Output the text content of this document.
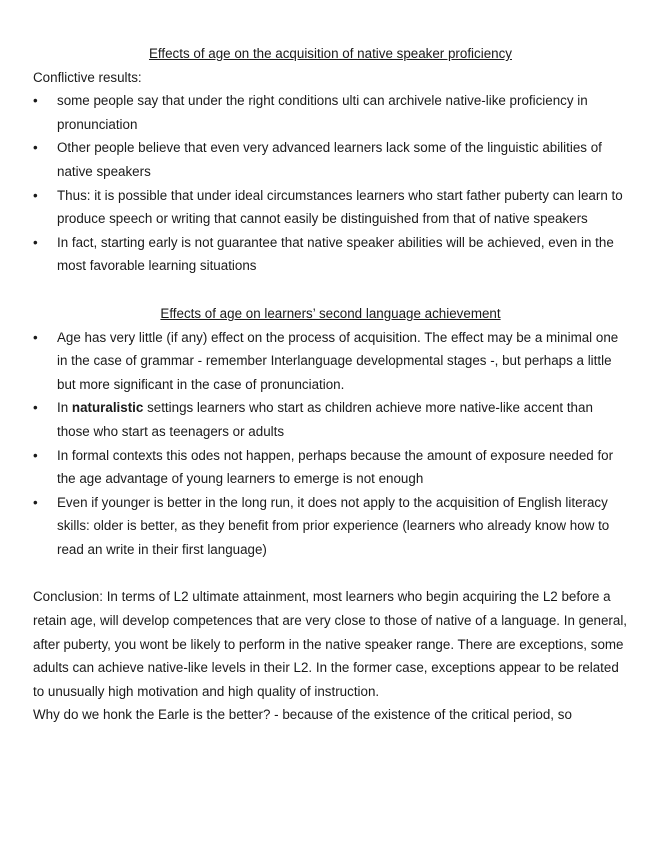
Effects of age on the acquisition of native speaker proficiency

Conflictive results:

• some people say that under the right conditions ulti can archivele native-like proficiency in pronunciation
• Other people believe that even very advanced learners lack some of the linguistic abilities of native speakers
• Thus: it is possible that under ideal circumstances learners who start father puberty can learn to produce speech or writing that cannot easily be distinguished from that of native speakers
• In fact, starting early is not guarantee that native speaker abilities will be achieved, even in the most favorable learning situations

Effects of age on learners’ second language achievement

• Age has very little (if any) effect on the process of acquisition. The effect may be a minimal one in the case of grammar - remember Interlanguage developmental stages -, but perhaps a little but more significant in the case of pronunciation.
• In naturalistic settings learners who start as children achieve more native-like accent than those who start as teenagers or adults
• In formal contexts this odes not happen, perhaps because the amount of exposure needed for the age advantage of young learners to emerge is not enough
• Even if younger is better in the long run, it does not apply to the acquisition of English literacy skills: older is better, as they benefit from prior experience (learners who already know how to read an write in their first language)

Conclusion: In terms of L2 ultimate attainment, most learners who begin acquiring the L2 before a retain age, will develop competences that are very close to those of native of a language. In general, after puberty, you wont be likely to perform in the native speaker range. There are exceptions, some adults can achieve native-like levels in their L2. In the former case, exceptions appear to be related to unusually high motivation and high quality of instruction.

Why do we honk the Earle is the better? - because of the existence of the critical period, so
